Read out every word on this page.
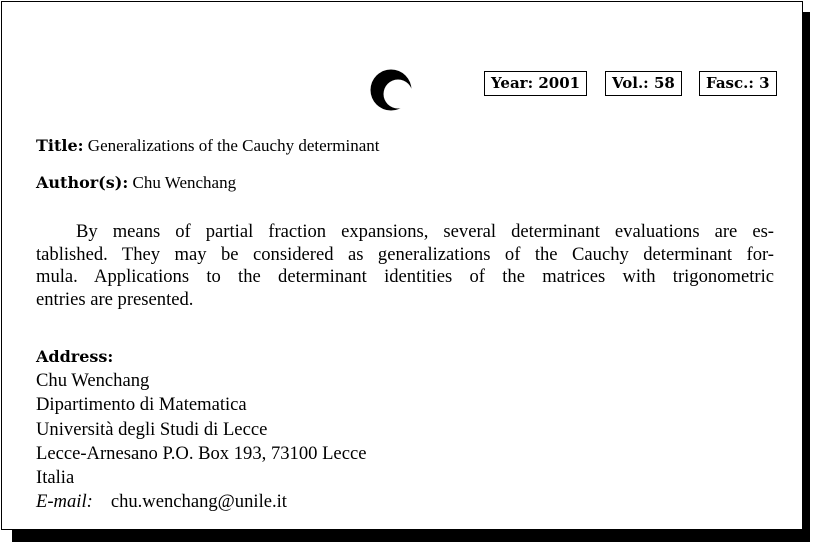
Year: 2001	Vol.: 58	Fasc.: 3
Title: Generalizations of the Cauchy determinant
Author(s): Chu Wenchang
By means of partial fraction expansions, several determinant evaluations are es-
tablished. They may be considered as generalizations of the Cauchy determinant for-
mula. Applications to the determinant identities of the matrices with trigonometric
entries are presented.
Address:
Chu Wenchang
Dipartimento di Matematica
Università degli Studi di Lecce
Lecce-Arnesano P.O. Box 193, 73100 Lecce
Italia
E-mail: chu.wenchang@unile.it
